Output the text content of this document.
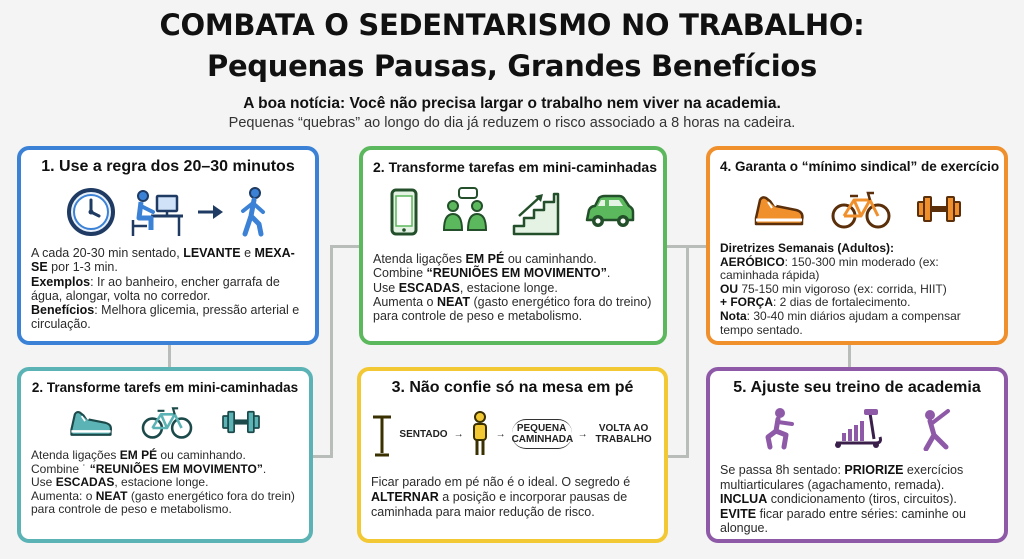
COMBATA O SEDENTARISMO NO TRABALHO:
Pequenas Pausas, Grandes Benefícios
A boa notícia: Você não precisa largar o trabalho nem viver na academia.
Pequenas “quebras” ao longo do dia já reduzem o risco associado a 8 horas na cadeira.
1. Use a regra dos 20–30 minutos

A cada 20-30 min sentado, LEVANTE e MEXA-SE por 1-3 min.

Exemplos: Ir ao banheiro, encher garrafa de água, alongar, volta no corredor.

Benefícios: Melhora glicemia, pressão arterial e circulação.

2. Transforme tarefas em mini-caminhadas

Atenda ligações EM PÉ ou caminhando.

Combine “REUNIÕES EM MOVIMENTO”.

Use ESCADAS, estacione longe.

Aumenta o NEAT (gasto energético fora do treino) para controle de peso e metabolismo.

4. Garanta o “mínimo sindical” de exercício

Diretrizes Semanais (Adultos):

AERÓBICO: 150-300 min moderado (ex: caminhada rápida)

OU 75-150 min vigoroso (ex: corrida, HIIT)

+ FORÇA: 2 dias de fortalecimento.

Nota: 30-40 min diários ajudam a compensar tempo sentado.

2. Transforme tarefs em mini-caminhadas

Atenda ligações EM PÉ ou caminhando.

Combine ˙ “REUNIÕES EM MOVIMENTO”.

Use ESCADAS, estacione longe.

Aumenta: o NEAT (gasto energético fora do trein) para controle de peso e metabolismo.

3. Não confie só na mesa em pé
SENTADO →	→	PEQUENA CAMINHADA →	VOLTA AO TRABALHO

Ficar parado em pé não é o ideal. O segredo é ALTERNAR a posição e incorporar pausas de caminhada para maior redução de risco.

5. Ajuste seu treino de academia

Se passa 8h sentado: PRIORIZE exercícios multiarticulares (agachamento, remada).

INCLUA condicionamento (tiros, circuitos). EVITE ficar parado entre séries: caminhe ou alongue.
